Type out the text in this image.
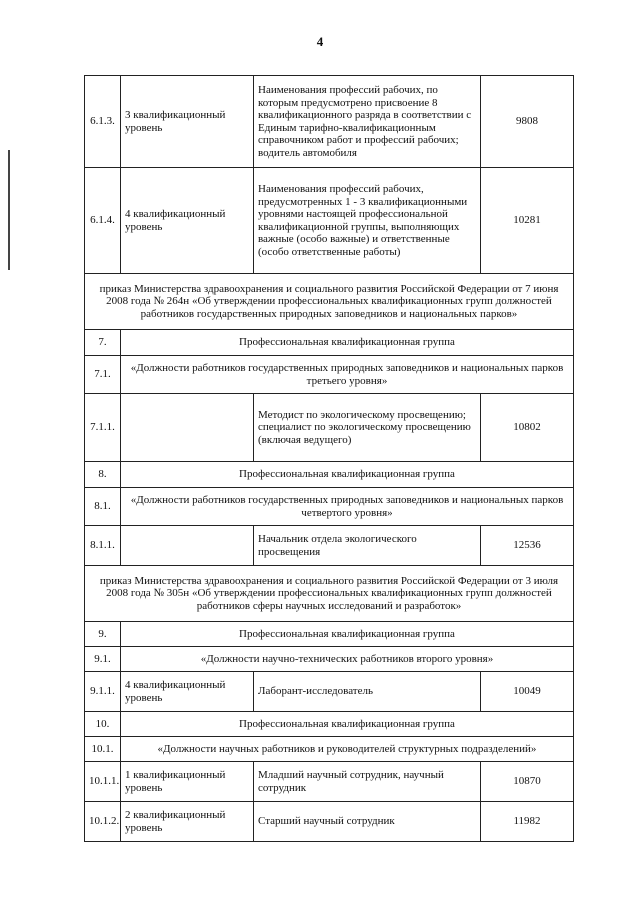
4
6.1.3.	3 квалификационный уровень	Наименования профессий рабочих, по которым предусмотрено присвоение 8 квалификационного разряда в соответствии с Единым тарифно-квалификационным справочником работ и профессий рабочих; водитель автомобиля	9808
6.1.4.	4 квалификационный уровень	Наименования профессий рабочих, предусмотренных 1 - 3 квалификационными уровнями настоящей профессиональной квалификационной группы, выполняющих важные (особо важные) и ответственные (особо ответственные работы)	10281
приказ Министерства здравоохранения и социального развития Российской Федерации от 7 июня 2008 года № 264н «Об утверждении профессиональных квалификационных групп должностей работников государственных природных заповедников и национальных парков»			
7.	Профессиональная квалификационная группа		
7.1.	«Должности работников государственных природных заповедников и национальных парков третьего уровня»		
7.1.1.		Методист по экологическому просвещению; специалист по экологическому просвещению (включая ведущего)	10802
8.	Профессиональная квалификационная группа		
8.1.	«Должности работников государственных природных заповедников и национальных парков четвертого уровня»		
8.1.1.		Начальник отдела экологического просвещения	12536
приказ Министерства здравоохранения и социального развития Российской Федерации от 3 июля 2008 года № 305н «Об утверждении профессиональных квалификационных групп должностей работников сферы научных исследований и разработок»			
9.	Профессиональная квалификационная группа		
9.1.	«Должности научно-технических работников второго уровня»		
9.1.1.	4 квалификационный уровень	Лаборант-исследователь	10049
10.	Профессиональная квалификационная группа		
10.1.	«Должности научных работников и руководителей структурных подразделений»		
10.1.1.	1 квалификационный уровень	Младший научный сотрудник, научный сотрудник	10870
10.1.2.	2 квалификационный уровень	Старший научный сотрудник	11982
